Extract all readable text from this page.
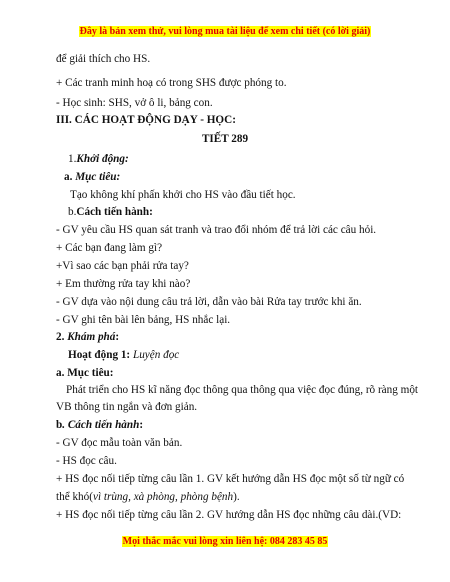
Đây là bản xem thử, vui lòng mua tài liệu để xem chi tiết (có lời giải)
để giải thích cho HS.
+ Các tranh minh hoạ có trong SHS được phóng to.
- Học sinh: SHS, vở ô li, bảng con.
III. CÁC HOẠT ĐỘNG DẠY - HỌC:
TIẾT 289
1.Khởi động:
a. Mục tiêu:
Tạo không khí phấn khởi cho HS vào đầu tiết học.
b.Cách tiến hành:
- GV yêu cầu HS quan sát tranh và trao đổi nhóm để trả lời các câu hỏi.
+ Các bạn đang làm gì?
+Vì sao các bạn phải rửa tay?
+ Em thường rửa tay khi nào?
- GV dựa vào nội dung câu trả lời, dẫn vào bài Rửa tay trước khi ăn.
- GV ghi tên bài lên bảng, HS nhắc lại.
2. Khám phá:
Hoạt động 1: Luyện đọc
a. Mục tiêu:
Phát triển cho HS kĩ năng đọc thông qua thông qua việc đọc đúng, rõ ràng một
VB thông tin ngắn và đơn giản.
b. Cách tiến hành:
- GV đọc mẫu toàn văn bản.
- HS đọc câu.
+ HS đọc nối tiếp từng câu lần 1. GV kết hướng dẫn HS đọc một số từ ngữ có
thể khó(vì trùng, xà phòng, phòng bệnh).
+ HS đọc nối tiếp từng câu lần 2. GV hướng dẫn HS đọc những câu dài.(VD:
Mọi thắc mắc vui lòng xin liên hệ: 084 283 45 85
